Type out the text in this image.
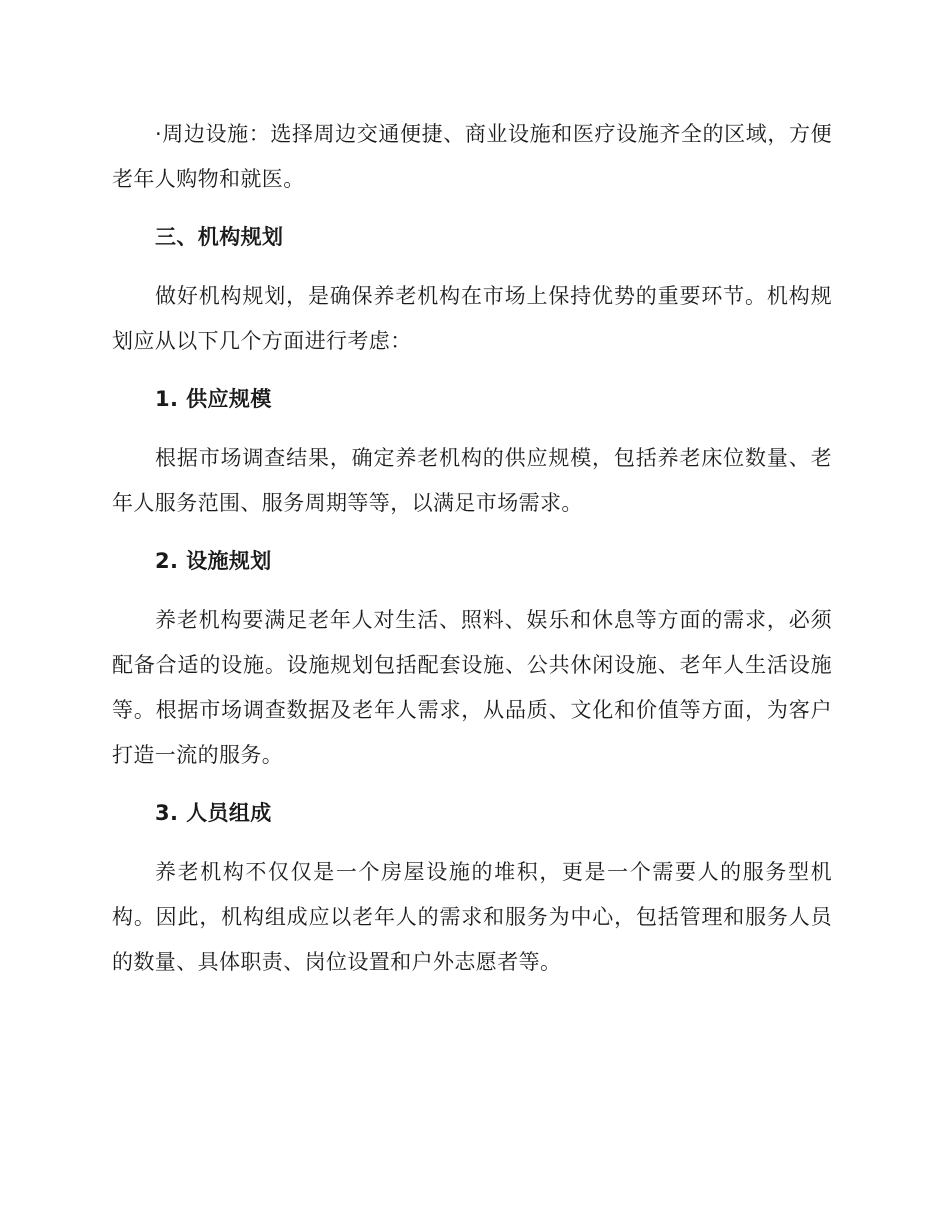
·周边设施：选择周边交通便捷、商业设施和医疗设施齐全的区域，方便老年人购物和就医。

三、机构规划

做好机构规划，是确保养老机构在市场上保持优势的重要环节。机构规划应从以下几个方面进行考虑：

1. 供应规模

根据市场调查结果，确定养老机构的供应规模，包括养老床位数量、老年人服务范围、服务周期等等，以满足市场需求。

2. 设施规划

养老机构要满足老年人对生活、照料、娱乐和休息等方面的需求，必须配备合适的设施。设施规划包括配套设施、公共休闲设施、老年人生活设施等。根据市场调查数据及老年人需求，从品质、文化和价值等方面，为客户打造一流的服务。

3. 人员组成

养老机构不仅仅是一个房屋设施的堆积，更是一个需要人的服务型机构。因此，机构组成应以老年人的需求和服务为中心，包括管理和服务人员的数量、具体职责、岗位设置和户外志愿者等。
